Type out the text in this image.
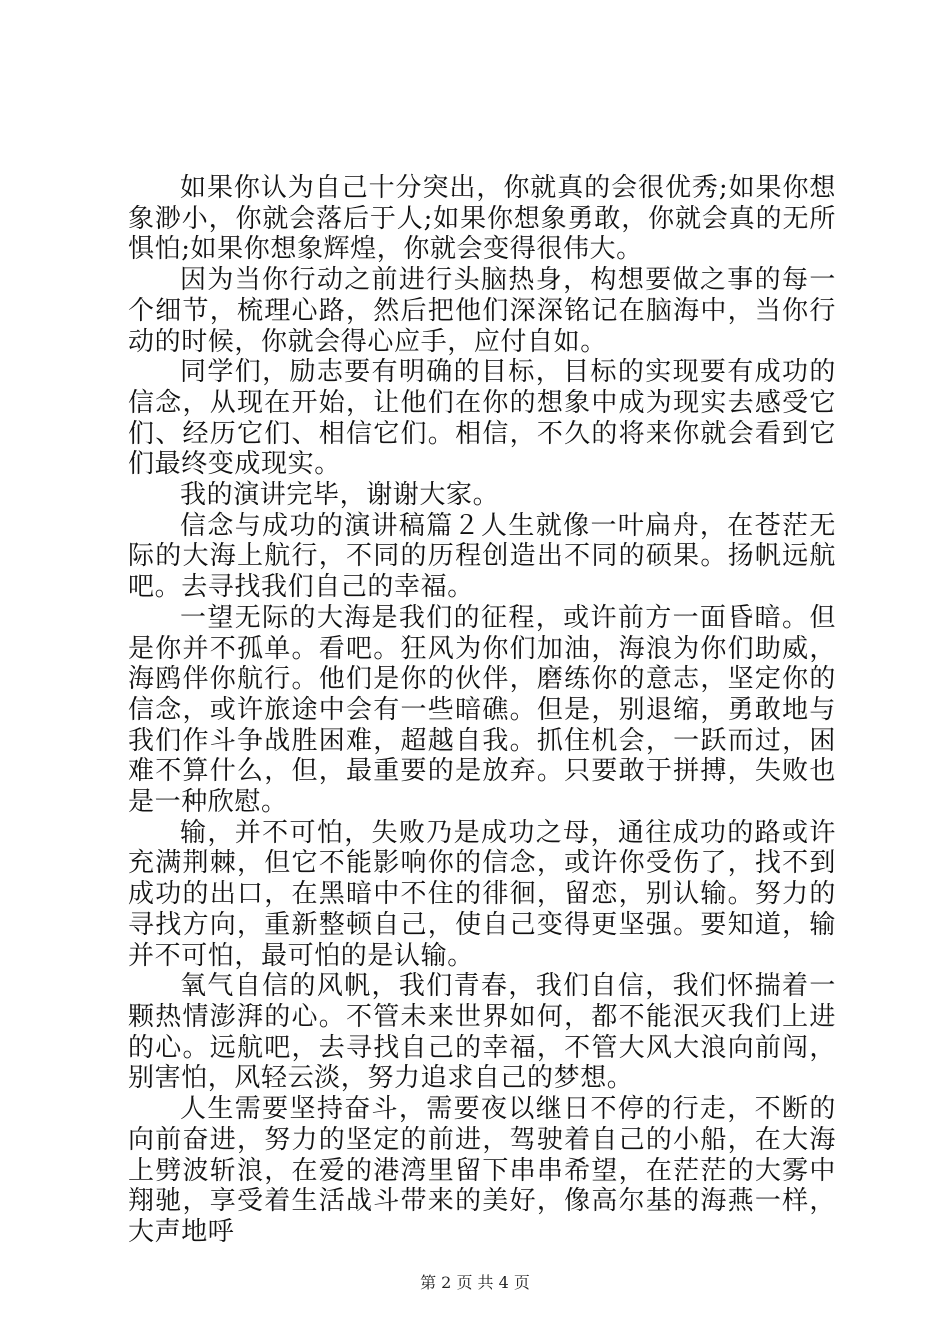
如果你认为自己十分突出，你就真的会很优秀;如果你想象渺小，你就会落后于人;如果你想象勇敢，你就会真的无所惧怕;如果你想象辉煌，你就会变得很伟大。

因为当你行动之前进行头脑热身，构想要做之事的每一个细节，梳理心路，然后把他们深深铭记在脑海中，当你行动的时候，你就会得心应手，应付自如。

同学们，励志要有明确的目标，目标的实现要有成功的信念，从现在开始，让他们在你的想象中成为现实去感受它们、经历它们、相信它们。相信，不久的将来你就会看到它们最终变成现实。

我的演讲完毕，谢谢大家。

信念与成功的演讲稿篇２人生就像一叶扁舟，在苍茫无际的大海上航行，不同的历程创造出不同的硕果。扬帆远航吧。去寻找我们自己的幸福。

一望无际的大海是我们的征程，或许前方一面昏暗。但是你并不孤单。看吧。狂风为你们加油，海浪为你们助威，海鸥伴你航行。他们是你的伙伴，磨练你的意志，坚定你的信念，或许旅途中会有一些暗礁。但是，别退缩，勇敢地与我们作斗争战胜困难，超越自我。抓住机会，一跃而过，困难不算什么，但，最重要的是放弃。只要敢于拼搏，失败也是一种欣慰。

输，并不可怕，失败乃是成功之母，通往成功的路或许充满荆棘，但它不能影响你的信念，或许你受伤了，找不到成功的出口，在黑暗中不住的徘徊，留恋，别认输。努力的寻找方向，重新整顿自己，使自己变得更坚强。要知道，输并不可怕，最可怕的是认输。

氧气自信的风帆，我们青春，我们自信，我们怀揣着一颗热情澎湃的心。不管未来世界如何，都不能泯灭我们上进的心。远航吧，去寻找自己的幸福，不管大风大浪向前闯，别害怕，风轻云淡，努力追求自己的梦想。

人生需要坚持奋斗，需要夜以继日不停的行走，不断的向前奋进，努力的坚定的前进，驾驶着自己的小船，在大海上劈波斩浪，在爱的港湾里留下串串希望，在茫茫的大雾中翔驰，享受着生活战斗带来的美好，像高尔基的海燕一样，大声地呼

第 2 页 共 4 页
